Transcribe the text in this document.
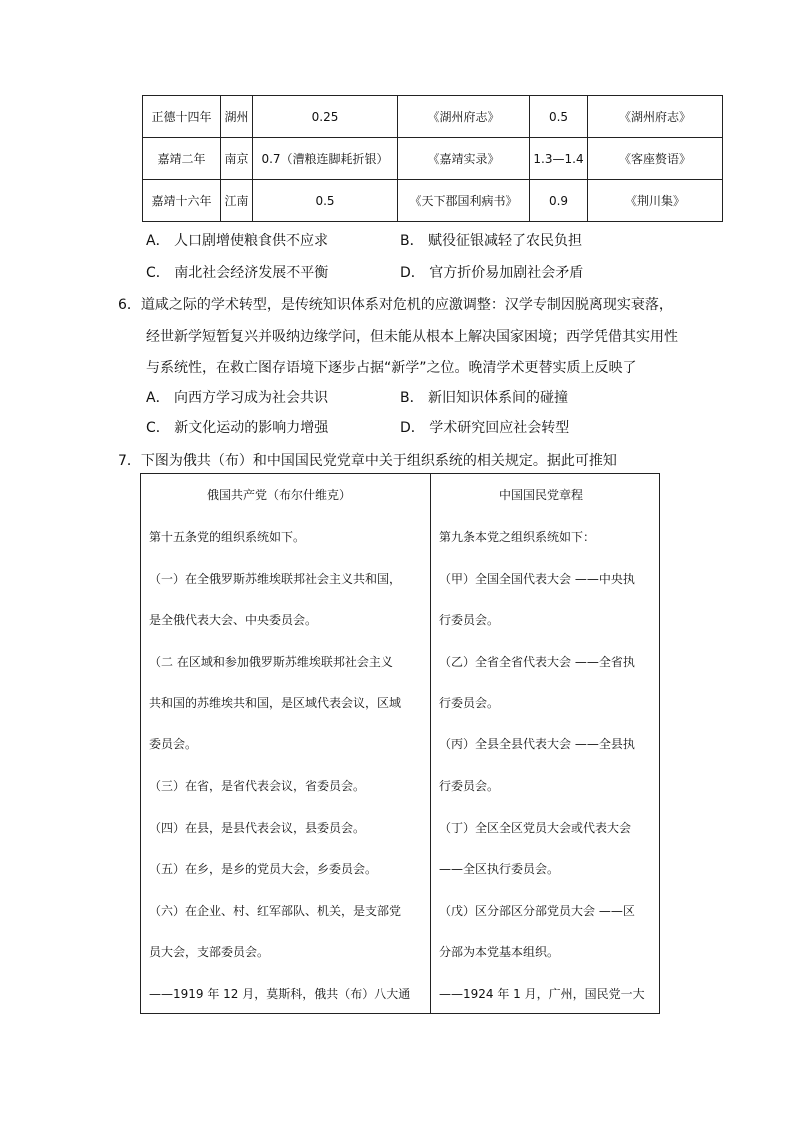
正德十四年	湖州	0.25	《湖州府志》	0.5	《湖州府志》
嘉靖二年	南京	0.7（漕粮连脚耗折银）	《嘉靖实录》	1.3—1.4	《客座赘语》
嘉靖十六年	江南	0.5	《天下郡国利病书》	0.9	《荆川集》
A． 人口剧增使粮食供不应求	B． 赋役征银减轻了农民负担
C． 南北社会经济发展不平衡	D． 官方折价易加剧社会矛盾
6．道咸之际的学术转型，是传统知识体系对危机的应激调整：汉学专制因脱离现实衰落，
经世新学短暂复兴并吸纳边缘学问，但未能从根本上解决国家困境；西学凭借其实用性
与系统性，在救亡图存语境下逐步占据“新学”之位。晚清学术更替实质上反映了
A． 向西方学习成为社会共识	B． 新旧知识体系间的碰撞
C． 新文化运动的影响力增强	D． 学术研究回应社会转型
7．下图为俄共（布）和中国国民党党章中关于组织系统的相关规定。据此可推知
俄国共产党（布尔什维克）
第十五条党的组织系统如下。
（一）在全俄罗斯苏维埃联邦社会主义共和国，
是全俄代表大会、中央委员会。
（二 在区域和参加俄罗斯苏维埃联邦社会主义
共和国的苏维埃共和国，是区域代表会议，区域
委员会。
（三）在省，是省代表会议，省委员会。
（四）在县，是县代表会议，县委员会。
（五）在乡，是乡的党员大会，乡委员会。
（六）在企业、村、红军部队、机关，是支部党
员大会，支部委员会。
——1919 年 12 月，莫斯科，俄共（布）八大通
中国国民党章程
第九条本党之组织系统如下：
（甲）全国全国代表大会 ——中央执
行委员会。
（乙）全省全省代表大会 ——全省执
行委员会。
（丙）全县全县代表大会 ——全县执
行委员会。
（丁）全区全区党员大会或代表大会
——全区执行委员会。
（戊）区分部区分部党员大会 ——区
分部为本党基本组织。
——1924 年 1 月，广州，国民党一大
